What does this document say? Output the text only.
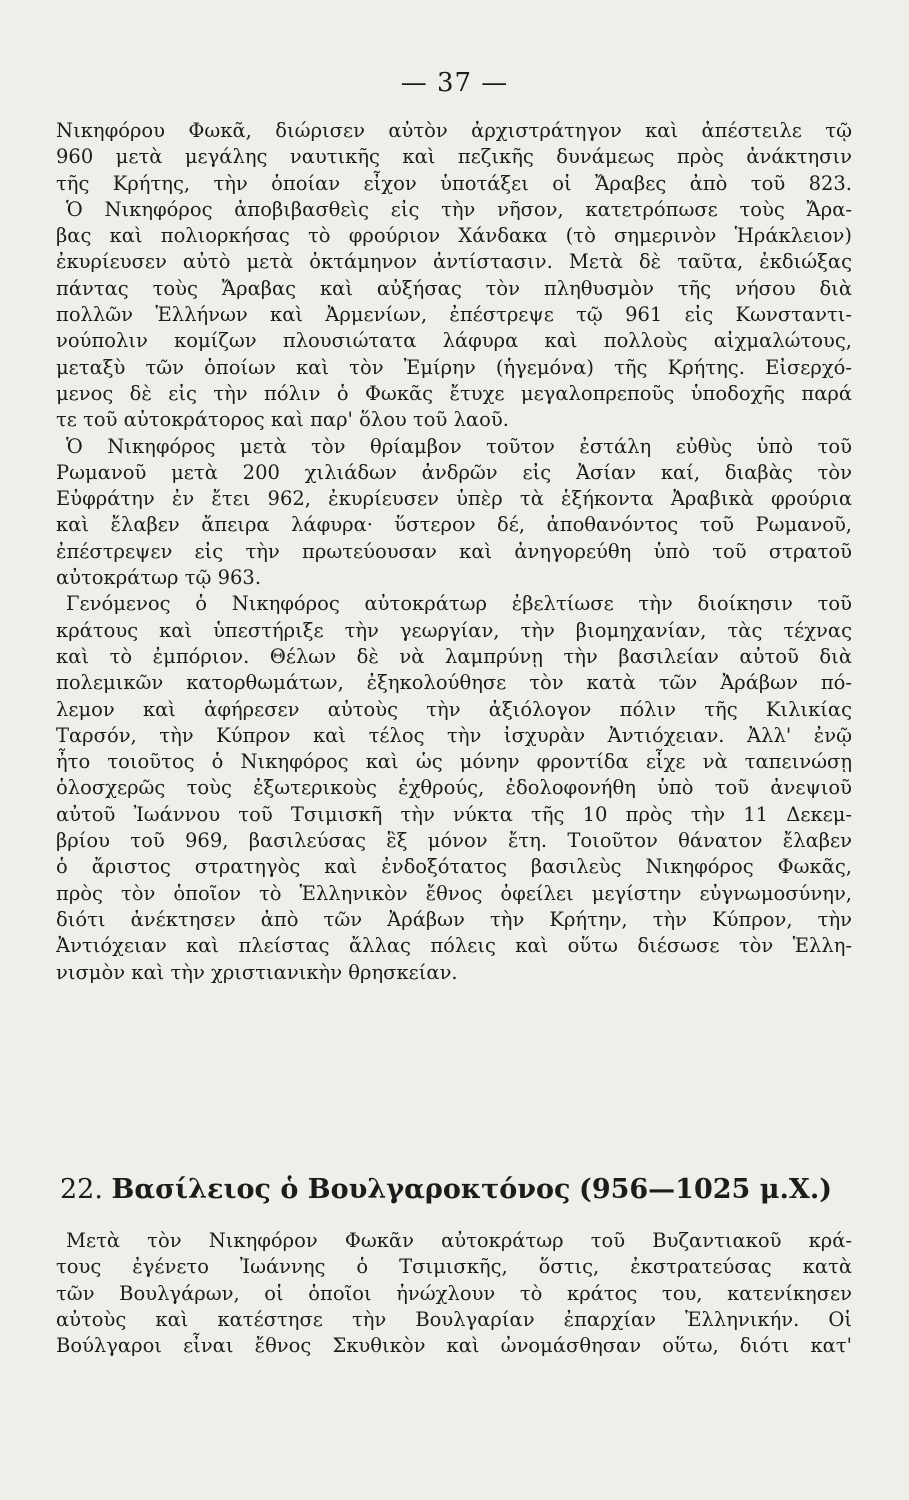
— 37 —
Νικηφόρου Φωκᾶ, διώρισεν αὐτὸν ἀρχιστράτηγον καὶ ἀπέστειλε τῷ
960 μετὰ μεγάλης ναυτικῆς καὶ πεζικῆς δυνάμεως πρὸς ἀνάκτησιν
τῆς Κρήτης, τὴν ὁποίαν εἶχον ὑποτάξει οἱ Ἄραβες ἀπὸ τοῦ 823.
Ὁ Νικηφόρος ἀποβιβασθεὶς εἰς τὴν νῆσον, κατετρόπωσε τοὺς Ἄρα-
βας καὶ πολιορκήσας τὸ φρούριον Χάνδακα (τὸ σημερινὸν Ἡράκλειον)
ἐκυρίευσεν αὐτὸ μετὰ ὀκτάμηνον ἀντίστασιν. Μετὰ δὲ ταῦτα, ἐκδιώξας
πάντας τοὺς Ἄραβας καὶ αὐξήσας τὸν πληθυσμὸν τῆς νήσου διὰ
πολλῶν Ἑλλήνων καὶ Ἀρμενίων, ἐπέστρεψε τῷ 961 εἰς Κωνσταντι-
νούπολιν κομίζων πλουσιώτατα λάφυρα καὶ πολλοὺς αἰχμαλώτους,
μεταξὺ τῶν ὁποίων καὶ τὸν Ἐμίρην (ἡγεμόνα) τῆς Κρήτης. Εἰσερχό-
μενος δὲ εἰς τὴν πόλιν ὁ Φωκᾶς ἔτυχε μεγαλοπρεποῦς ὑποδοχῆς παρά
τε τοῦ αὐτοκράτορος καὶ παρ' ὅλου τοῦ λαοῦ.
Ὁ Νικηφόρος μετὰ τὸν θρίαμβον τοῦτον ἐστάλη εὐθὺς ὑπὸ τοῦ
Ρωμανοῦ μετὰ 200 χιλιάδων ἀνδρῶν εἰς Ἀσίαν καί, διαβὰς τὸν
Εὐφράτην ἐν ἔτει 962, ἐκυρίευσεν ὑπὲρ τὰ ἑξήκοντα Ἀραβικὰ φρούρια
καὶ ἔλαβεν ἄπειρα λάφυρα· ὕστερον δέ, ἀποθανόντος τοῦ Ρωμανοῦ,
ἐπέστρεψεν εἰς τὴν πρωτεύουσαν καὶ ἀνηγορεύθη ὑπὸ τοῦ στρατοῦ
αὐτοκράτωρ τῷ 963.
Γενόμενος ὁ Νικηφόρος αὐτοκράτωρ ἐβελτίωσε τὴν διοίκησιν τοῦ
κράτους καὶ ὑπεστήριξε τὴν γεωργίαν, τὴν βιομηχανίαν, τὰς τέχνας
καὶ τὸ ἐμπόριον. Θέλων δὲ νὰ λαμπρύνῃ τὴν βασιλείαν αὐτοῦ διὰ
πολεμικῶν κατορθωμάτων, ἐξηκολούθησε τὸν κατὰ τῶν Ἀράβων πό-
λεμον καὶ ἀφήρεσεν αὐτοὺς τὴν ἀξιόλογον πόλιν τῆς Κιλικίας
Ταρσόν, τὴν Κύπρον καὶ τέλος τὴν ἰσχυρὰν Ἀντιόχειαν. Ἀλλ' ἐνῷ
ἦτο τοιοῦτος ὁ Νικηφόρος καὶ ὡς μόνην φροντίδα εἶχε νὰ ταπεινώσῃ
ὁλοσχερῶς τοὺς ἐξωτερικοὺς ἐχθρούς, ἐδολοφονήθη ὑπὸ τοῦ ἀνεψιοῦ
αὐτοῦ Ἰωάννου τοῦ Τσιμισκῆ τὴν νύκτα τῆς 10 πρὸς τὴν 11 Δεκεμ-
βρίου τοῦ 969, βασιλεύσας ἓξ μόνον ἔτη. Τοιοῦτον θάνατον ἔλαβεν
ὁ ἄριστος στρατηγὸς καὶ ἐνδοξότατος βασιλεὺς Νικηφόρος Φωκᾶς,
πρὸς τὸν ὁποῖον τὸ Ἑλληνικὸν ἔθνος ὀφείλει μεγίστην εὐγνωμοσύνην,
διότι ἀνέκτησεν ἀπὸ τῶν Ἀράβων τὴν Κρήτην, τὴν Κύπρον, τὴν
Ἀντιόχειαν καὶ πλείστας ἄλλας πόλεις καὶ οὕτω διέσωσε τὸν Ἑλλη-
νισμὸν καὶ τὴν χριστιανικὴν θρησκείαν.
22. Βασίλειος ὁ Βουλγαροκτόνος (956—1025 μ.Χ.)
Μετὰ τὸν Νικηφόρον Φωκᾶν αὐτοκράτωρ τοῦ Βυζαντιακοῦ κρά-
τους ἐγένετο Ἰωάννης ὁ Τσιμισκῆς, ὅστις, ἐκστρατεύσας κατὰ
τῶν Βουλγάρων, οἱ ὁποῖοι ἠνώχλουν τὸ κράτος του, κατενίκησεν
αὐτοὺς καὶ κατέστησε τὴν Βουλγαρίαν ἐπαρχίαν Ἑλληνικήν. Οἱ
Βούλγαροι εἶναι ἔθνος Σκυθικὸν καὶ ὠνομάσθησαν οὕτω, διότι κατ'
